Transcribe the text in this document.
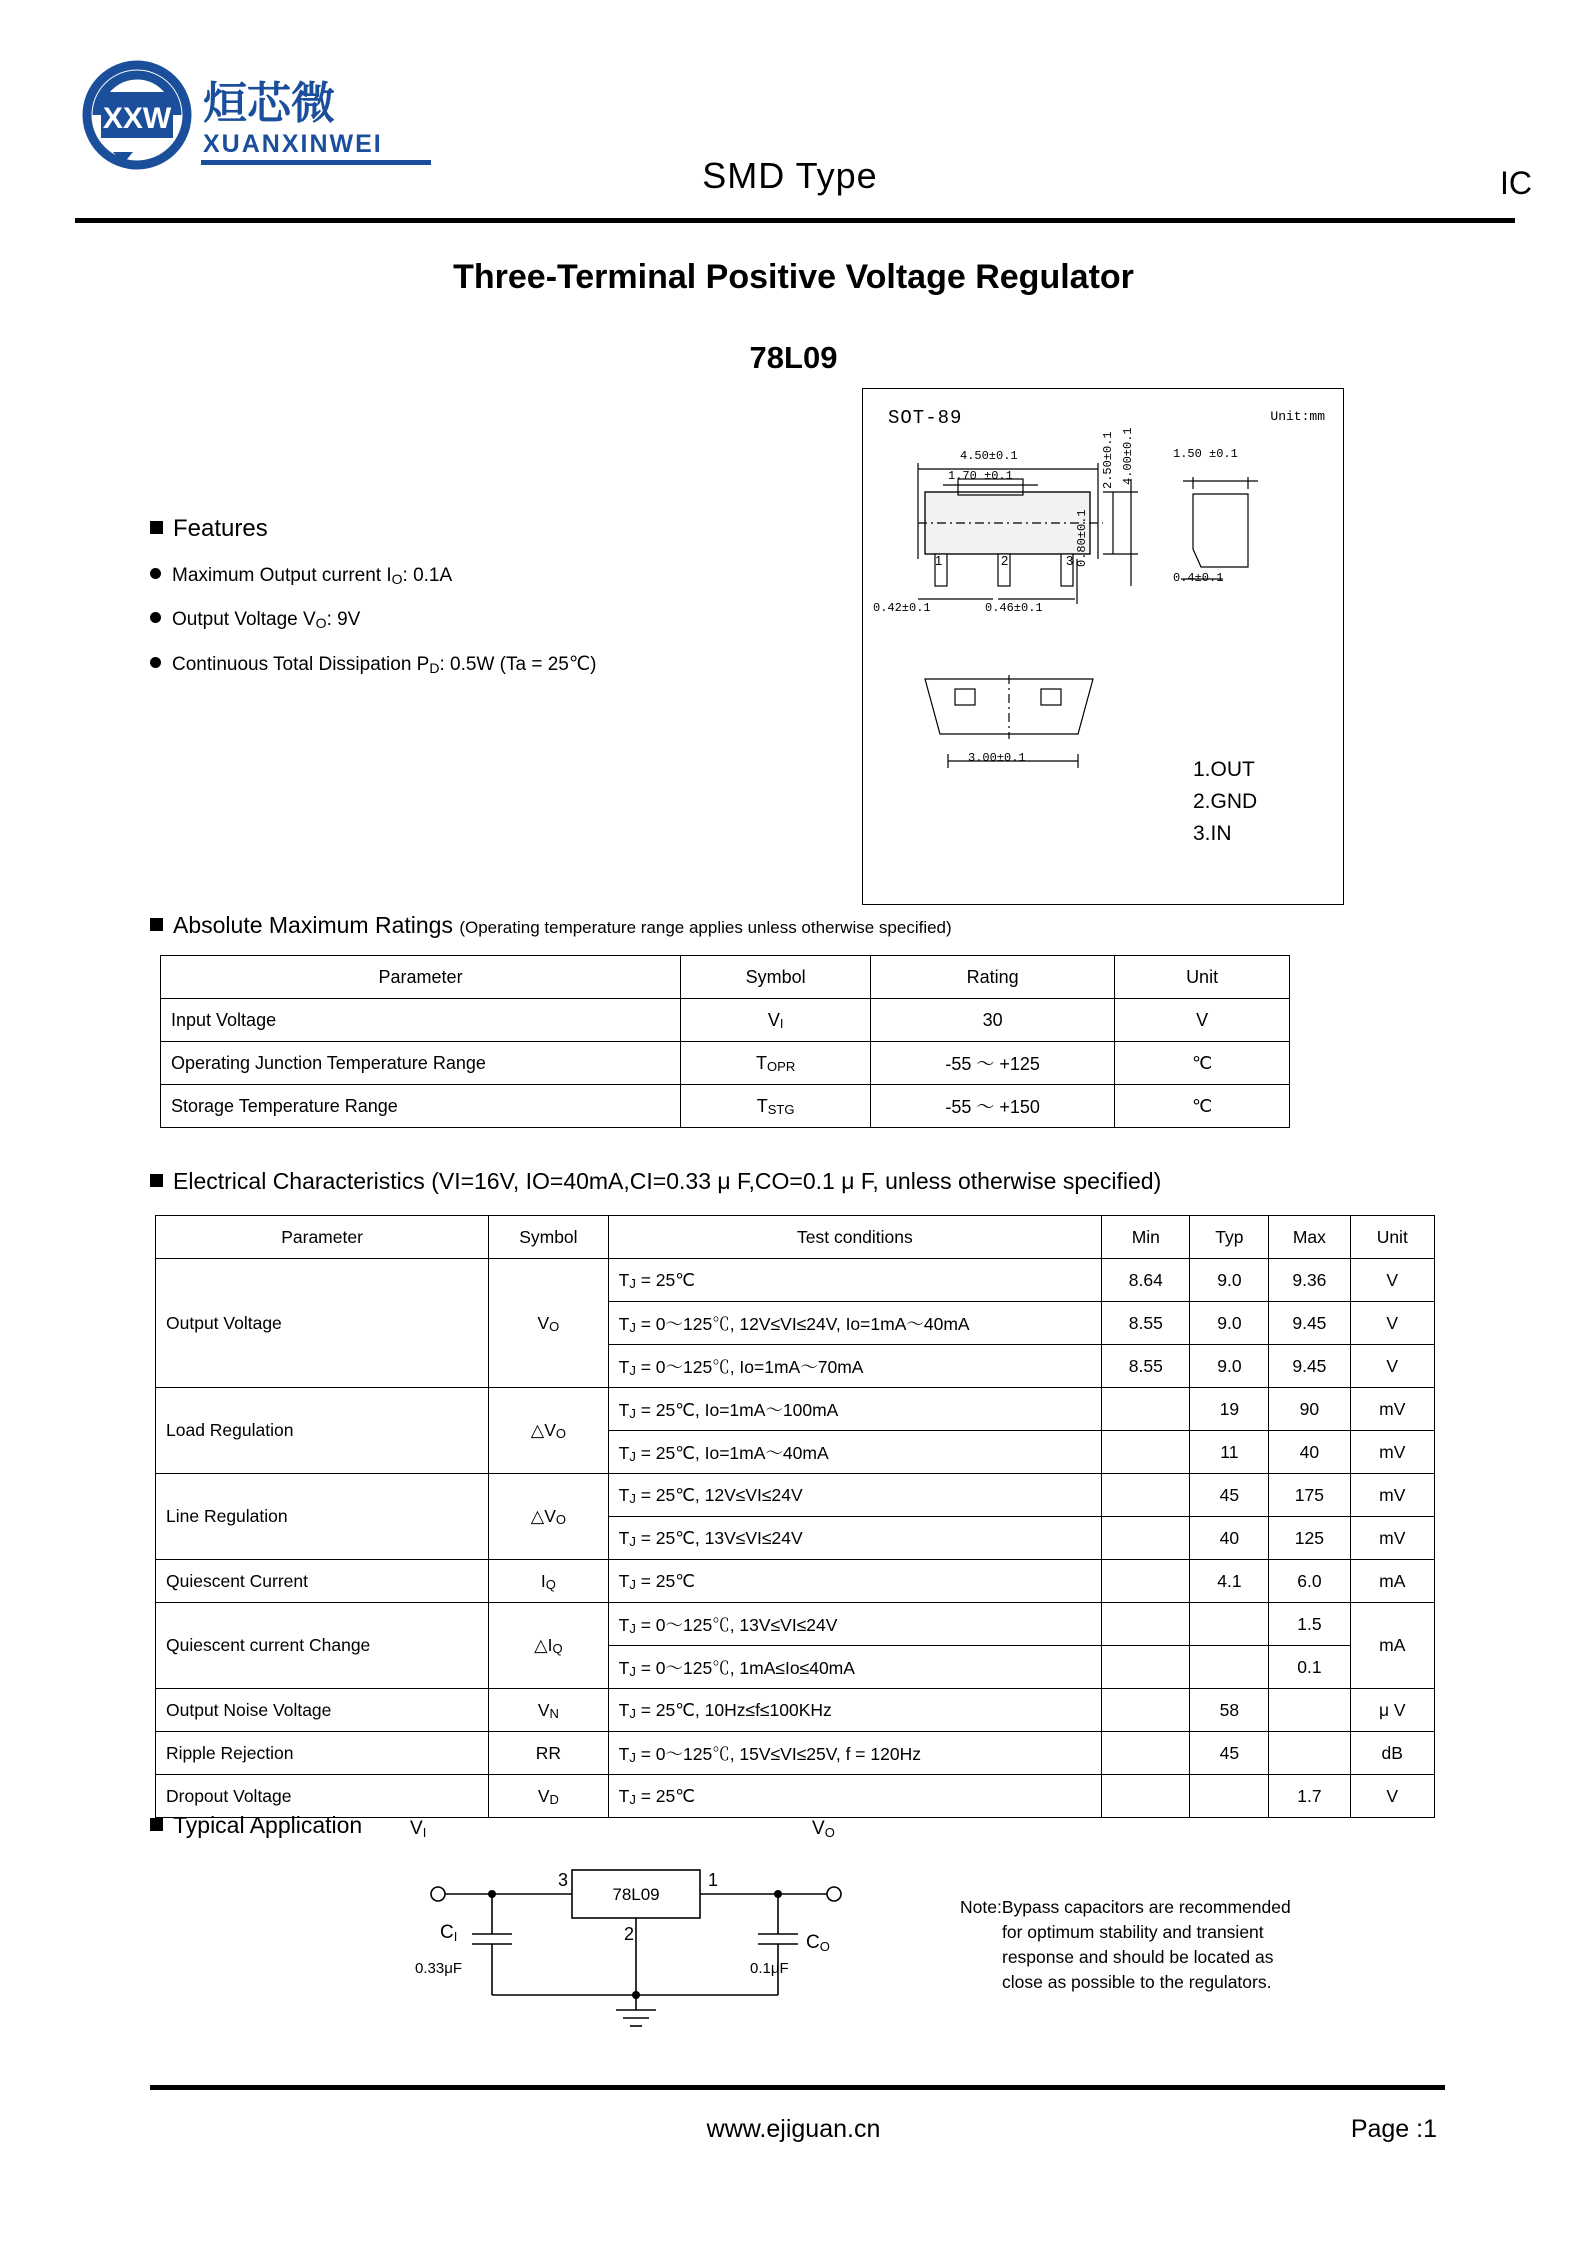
XXW 烜芯微
XUANXINWEI
SMD Type	IC
Three-Terminal Positive Voltage Regulator
78L09
Features
Maximum Output current $I_O$: 0.1A
Output Voltage $V_O$: 9V
Continuous Total Dissipation $P_D$: 0.5W (Ta = 25℃)
SOT-89	Unit:mm
1	2	3
4.50±0.1
1.70 ±0.1
1.50 ±0.1
2.50±0.1 4.00±0.1
0.42±0.1	0.46±0.1
0.80±0.1
0.4±0.1
3.00±0.1	1.OUT
2.GND
3.IN
Absolute Maximum Ratings (Operating temperature range applies unless otherwise specified)
Parameter	Symbol	Rating	Unit
Input Voltage	VI	30	V
Operating Junction Temperature Range	TOPR	-55 ～ +125	℃
Storage Temperature Range	TSTG	-55 ～ +150	℃
Electrical Characteristics (VI=16V, IO=40mA,CI=0.33 μ F,CO=0.1 μ F, unless otherwise specified)
Parameter	Symbol	Test conditions	Min	Typ	Max	Unit
Output Voltage	VO	TJ = 25℃	8.64	9.0	9.36	V
		TJ = 0～125℃, 12V≤VI≤24V, Io=1mA～40mA	8.55	9.0	9.45	V
		TJ = 0～125℃, Io=1mA～70mA	8.55	9.0	9.45	V
Load Regulation	△VO	TJ = 25℃, Io=1mA～100mA		19	90	mV
		TJ = 25℃, Io=1mA～40mA		11	40	mV
Line Regulation	△VO	TJ = 25℃, 12V≤VI≤24V		45	175	mV
		TJ = 25℃, 13V≤VI≤24V		40	125	mV
Quiescent Current	IQ	TJ = 25℃		4.1	6.0	mA
Quiescent current Change	△IQ	TJ = 0～125℃, 13V≤VI≤24V			1.5	mA
		TJ = 0～125℃, 1mA≤Io≤40mA			0.1	
Output Noise Voltage	VN	TJ = 25℃, 10Hz≤f≤100KHz		58		μ V
Ripple Rejection	RR	TJ = 0～125℃, 15V≤VI≤25V, f = 120Hz		45		dB
Dropout Voltage	VD	TJ = 25℃			1.7	V
Typical Application
3	1
2
78L09
$V_I$	$V_O$
$C_I$	$C_O$
0.33μF	0.1μF
Note:Bypass capacitors are recommended
for optimum stability and transient
response and should be located as
close as possible to the regulators.
www.ejiguan.cn	Page :1
